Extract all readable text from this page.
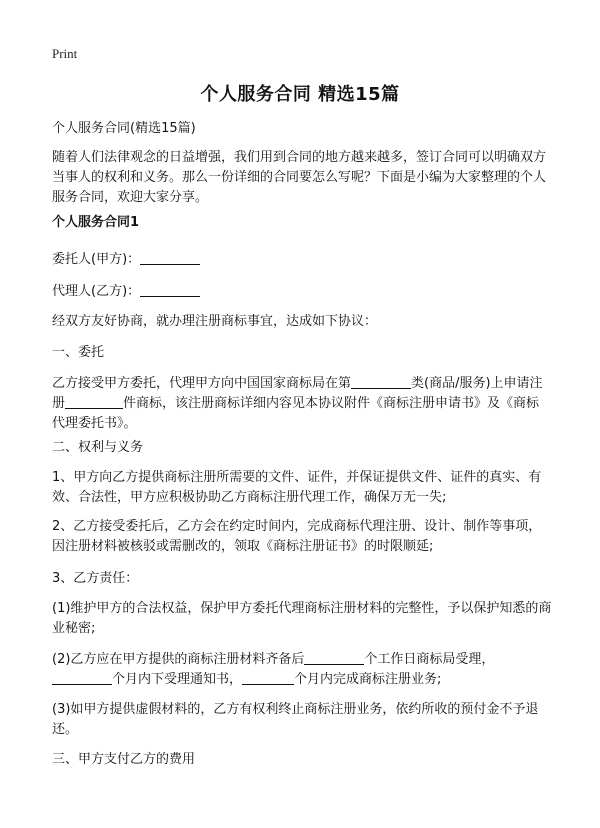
Print
个人服务合同 精选15篇

个人服务合同(精选15篇)

随着人们法律观念的日益增强，我们用到合同的地方越来越多，签订合同可以明确双方当事人的权利和义务。那么一份详细的合同要怎么写呢？下面是小编为大家整理的个人服务合同，欢迎大家分享。

个人服务合同1

委托人(甲方)：

代理人(乙方)：

经双方友好协商，就办理注册商标事宜，达成如下协议：

一、委托

乙方接受甲方委托，代理甲方向中国国家商标局在第	类(商品/服务)上申请注册	件商标，该注册商标详细内容见本协议附件《商标注册申请书》及《商标代理委托书》。

二、权利与义务

1、甲方向乙方提供商标注册所需要的文件、证件，并保证提供文件、证件的真实、有效、合法性，甲方应积极协助乙方商标注册代理工作，确保万无一失;

2、乙方接受委托后，乙方会在约定时间内，完成商标代理注册、设计、制作等事项，因注册材料被核驳或需删改的，领取《商标注册证书》的时限顺延;

3、乙方责任：

(1)维护甲方的合法权益，保护甲方委托代理商标注册材料的完整性，予以保护知悉的商业秘密;

(2)乙方应在甲方提供的商标注册材料齐备后	个工作日商标局受理，
个月内下受理通知书，	个月内完成商标注册业务;

(3)如甲方提供虚假材料的，乙方有权利终止商标注册业务，依约所收的预付金不予退还。

三、甲方支付乙方的费用
